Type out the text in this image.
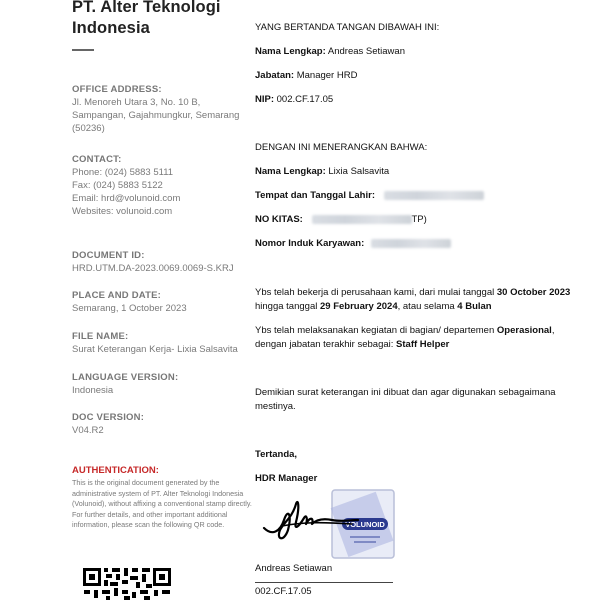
PT. Alter Teknologi Indonesia
OFFICE ADDRESS:
Jl. Menoreh Utara 3, No. 10 B, Sampangan, Gajahmungkur, Semarang (50236)
CONTACT:
Phone: (024) 5883 5111
Fax: (024) 5883 5122
Email: hrd@volunoid.com
Websites: volunoid.com
DOCUMENT ID:
HRD.UTM.DA-2023.0069.0069-S.KRJ
PLACE AND DATE:
Semarang, 1 October 2023
FILE NAME:
Surat Keterangan Kerja- Lixia Salsavita
LANGUAGE VERSION:
Indonesia
DOC VERSION:
V04.R2
AUTHENTICATION:
This is the original document generated by the administrative system of PT. Alter Teknologi Indonesia (Volunoid), without affixing a conventional stamp directly. For further details, and other important additional information, please scan the following QR code.
YANG BERTANDA TANGAN DIBAWAH INI:
Nama Lengkap: Andreas Setiawan
Jabatan: Manager HRD
NIP: 002.CF.17.05
DENGAN INI MENERANGKAN BAHWA:
Nama Lengkap: Lixia Salsavita
Tempat dan Tanggal Lahir:
NO KITAS:	TP)
Nomor Induk Karyawan:
Ybs telah bekerja di perusahaan kami, dari mulai tanggal 30 October 2023 hingga tanggal 29 February 2024, atau selama 4 Bulan
Ybs telah melaksanakan kegiatan di bagian/ departemen Operasional, dengan jabatan terakhir sebagai: Staff Helper
Demikian surat keterangan ini dibuat dan agar digunakan sebagaimana mestinya.
Tertanda,
HDR Manager
Andreas Setiawan
002.CF.17.05
VOLUNOID
